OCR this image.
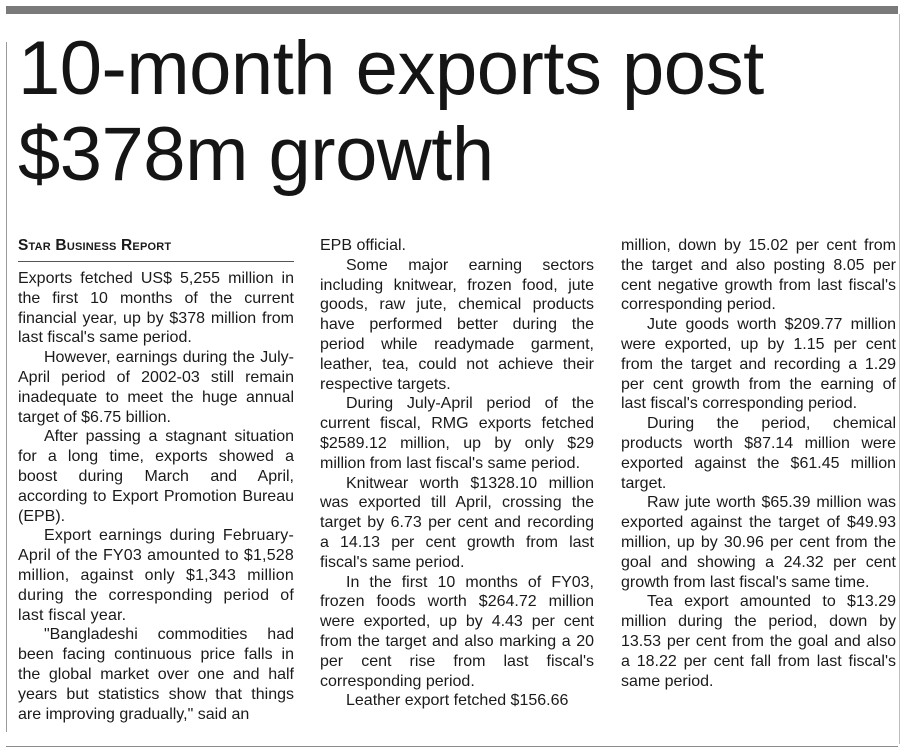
10-month exports post $378m growth
Star Business Report

Exports fetched US$ 5,255 million in the first 10 months of the current financial year, up by $378 million from last fiscal's same period.

However, earnings during the July-April period of 2002-03 still remain inadequate to meet the huge annual target of $6.75 billion.

After passing a stagnant situation for a long time, exports showed a boost during March and April, according to Export Promotion Bureau (EPB).

Export earnings during February-April of the FY03 amounted to $1,528 million, against only $1,343 million during the corresponding period of last fiscal year.

"Bangladeshi commodities had been facing continuous price falls in the global market over one and half years but statistics show that things are improving gradually," said an

EPB official.

Some major earning sectors including knitwear, frozen food, jute goods, raw jute, chemical products have performed better during the period while readymade garment, leather, tea, could not achieve their respective targets.

During July-April period of the current fiscal, RMG exports fetched $2589.12 million, up by only $29 million from last fiscal's same period.

Knitwear worth $1328.10 million was exported till April, crossing the target by 6.73 per cent and recording a 14.13 per cent growth from last fiscal's same period.

In the first 10 months of FY03, frozen foods worth $264.72 million were exported, up by 4.43 per cent from the target and also marking a 20 per cent rise from last fiscal's corresponding period.

Leather export fetched $156.66

million, down by 15.02 per cent from the target and also posting 8.05 per cent negative growth from last fiscal's corresponding period.

Jute goods worth $209.77 million were exported, up by 1.15 per cent from the target and recording a 1.29 per cent growth from the earning of last fiscal's corresponding period.

During the period, chemical products worth $87.14 million were exported against the $61.45 million target.

Raw jute worth $65.39 million was exported against the target of $49.93 million, up by 30.96 per cent from the goal and showing a 24.32 per cent growth from last fiscal's same time.

Tea export amounted to $13.29 million during the period, down by 13.53 per cent from the goal and also a 18.22 per cent fall from last fiscal's same period.
